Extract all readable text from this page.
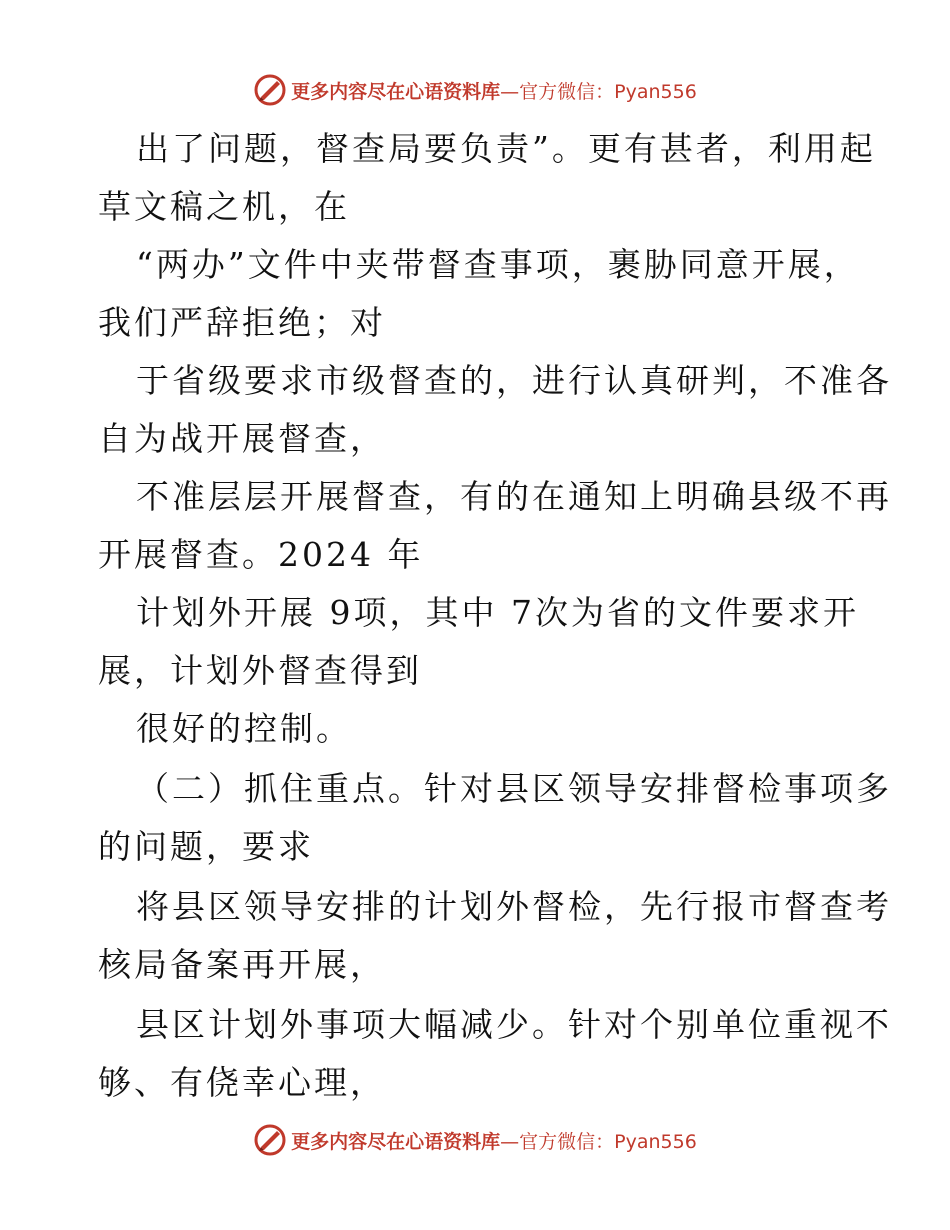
更多内容尽在心语资料库 —官方微信：Pyan556
出了问题，督查局要负责”。更有甚者，利用起
草文稿之机，在
“两办”文件中夹带督查事项，裹胁同意开展，
我们严辞拒绝；对
于省级要求市级督查的，进行认真研判，不准各
自为战开展督查，
不准层层开展督查，有的在通知上明确县级不再
开展督查。2024 年
计划外开展 9项，其中 7次为省的文件要求开
展，计划外督查得到
很好的控制。
（二）抓住重点。针对县区领导安排督检事项多
的问题，要求
将县区领导安排的计划外督检，先行报市督查考
核局备案再开展，
县区计划外事项大幅减少。针对个别单位重视不
够、有侥幸心理，
更多内容尽在心语资料库 —官方微信：Pyan556
